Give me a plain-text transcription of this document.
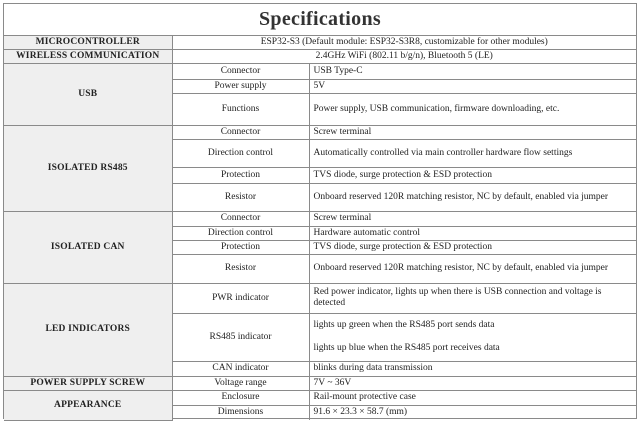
Specifications
MICROCONTROLLER	ESP32-S3 (Default module: ESP32-S3R8, customizable for other modules)	
WIRELESS COMMUNICATION	2.4GHz WiFi (802.11 b/g/n), Bluetooth 5 (LE)	
USB	Connector	USB Type-C
	Power supply	5V
	Functions	Power supply, USB communication, firmware downloading, etc.
ISOLATED RS485	Connector	Screw terminal
	Direction control	Automatically controlled via main controller hardware flow settings
	Protection	TVS diode, surge protection & ESD protection
	Resistor	Onboard reserved 120R matching resistor, NC by default, enabled via jumper
ISOLATED CAN	Connector	Screw terminal
	Direction control	Hardware automatic control
	Protection	TVS diode, surge protection & ESD protection
	Resistor	Onboard reserved 120R matching resistor, NC by default, enabled via jumper
LED INDICATORS	PWR indicator	Red power indicator, lights up when there is USB connection and voltage is detected
	RS485 indicator	lights up green when the RS485 port sends data
lights up blue when the RS485 port receives data

	CAN indicator	blinks during data transmission
POWER SUPPLY SCREW	Voltage range	7V ~ 36V
APPEARANCE	Enclosure	Rail-mount protective case
	Dimensions	91.6 × 23.3 × 58.7 (mm)
